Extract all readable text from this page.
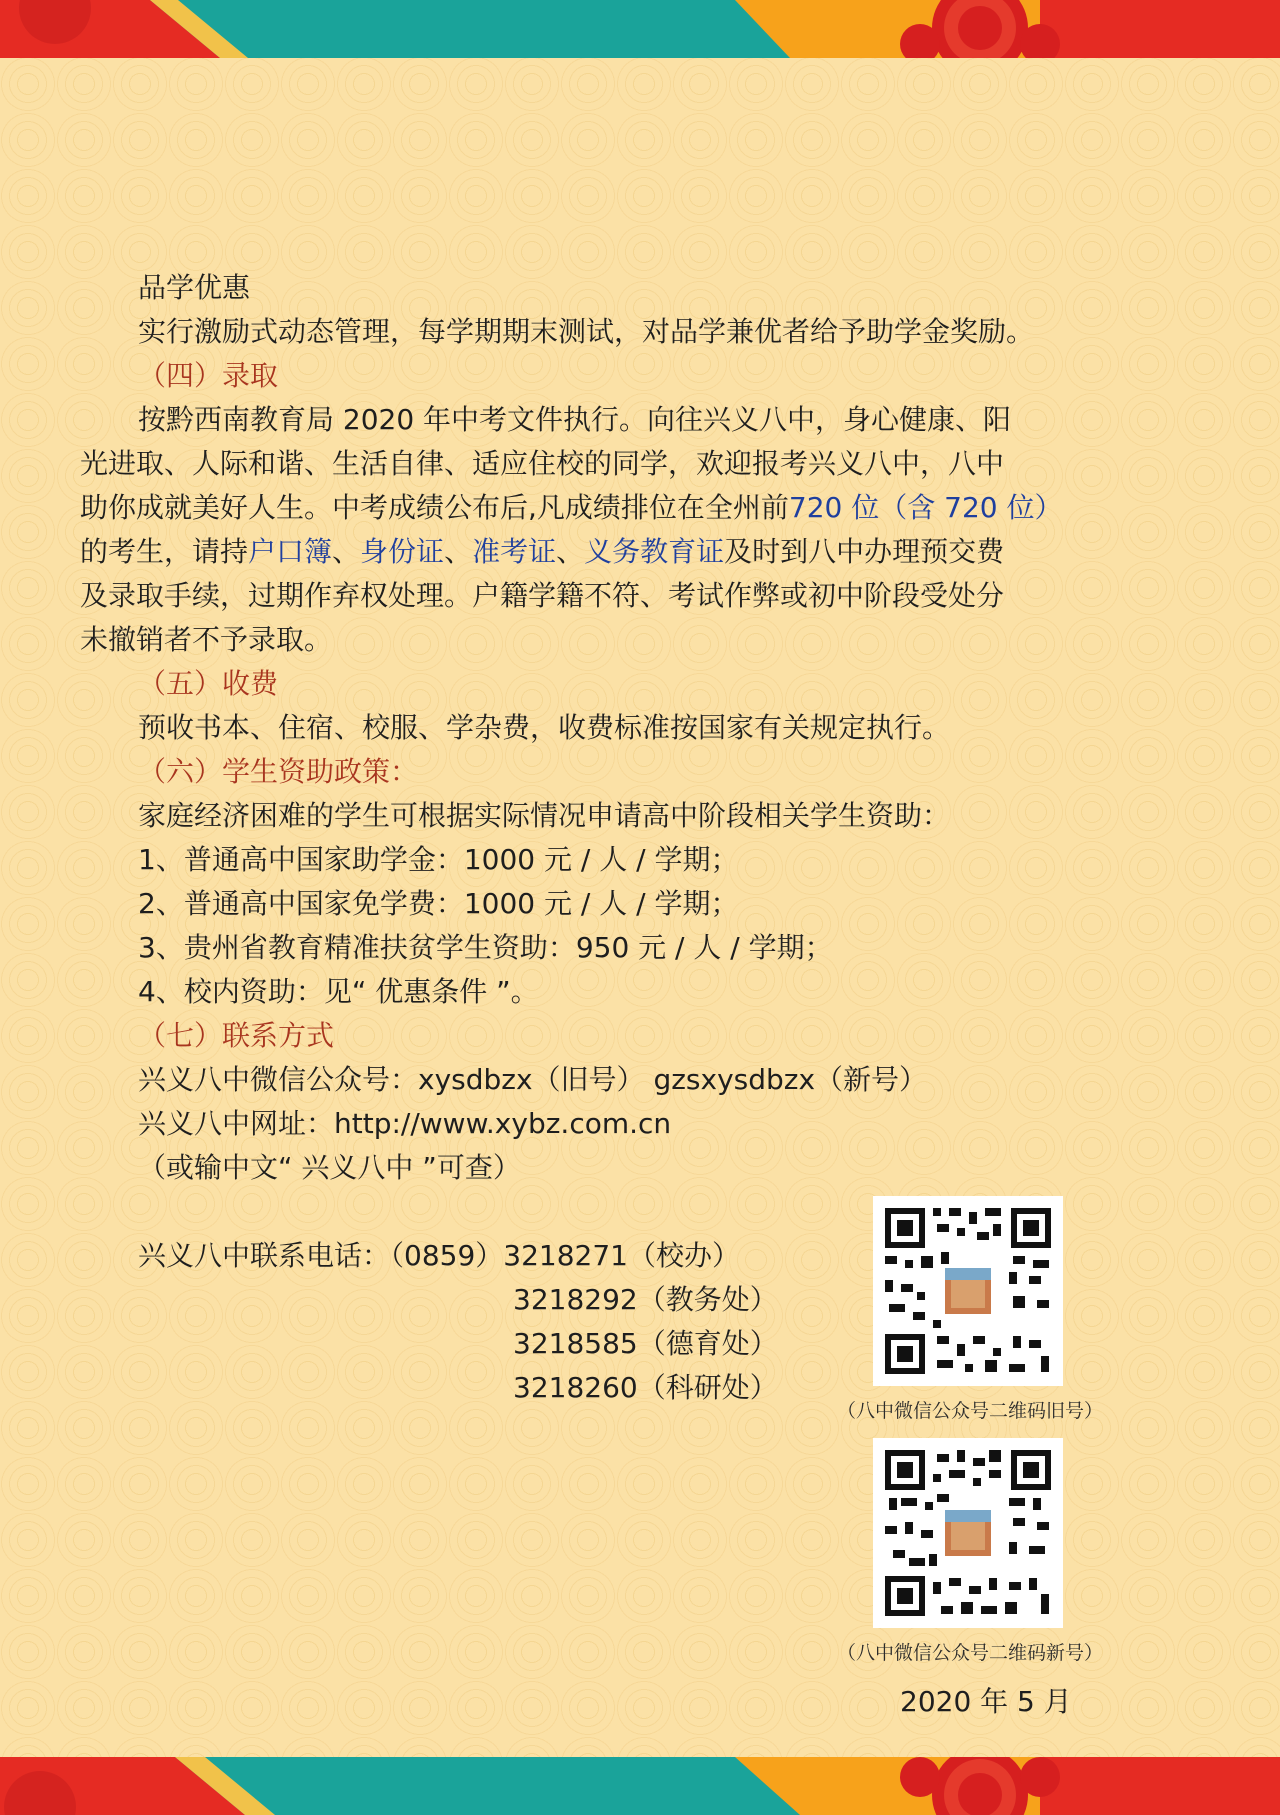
品学优惠
实行激励式动态管理，每学期期末测试，对品学兼优者给予助学金奖励。
（四）录取
按黔西南教育局 2020 年中考文件执行。向往兴义八中，身心健康、阳
光进取、人际和谐、生活自律、适应住校的同学，欢迎报考兴义八中，八中
助你成就美好人生。中考成绩公布后,凡成绩排位在全州前720 位（含 720 位）
的考生，请持户口簿、身份证、准考证、义务教育证及时到八中办理预交费
及录取手续，过期作弃权处理。户籍学籍不符、考试作弊或初中阶段受处分
未撤销者不予录取。
（五）收费
预收书本、住宿、校服、学杂费，收费标准按国家有关规定执行。
（六）学生资助政策：
家庭经济困难的学生可根据实际情况申请高中阶段相关学生资助：
1、普通高中国家助学金：1000 元 / 人 / 学期；
2、普通高中国家免学费：1000 元 / 人 / 学期；
3、贵州省教育精准扶贫学生资助：950 元 / 人 / 学期；
4、校内资助：见“ 优惠条件 ”。
（七）联系方式
兴义八中微信公众号：xysdbzx（旧号） gzsxysdbzx（新号）
兴义八中网址：http://www.xybz.com.cn
（或输中文“ 兴义八中 ”可查）
兴义八中联系电话：（0859）3218271（校办）
3218292（教务处）
3218585（德育处）
3218260（科研处）
（八中微信公众号二维码旧号）
（八中微信公众号二维码新号）
2020 年 5 月
